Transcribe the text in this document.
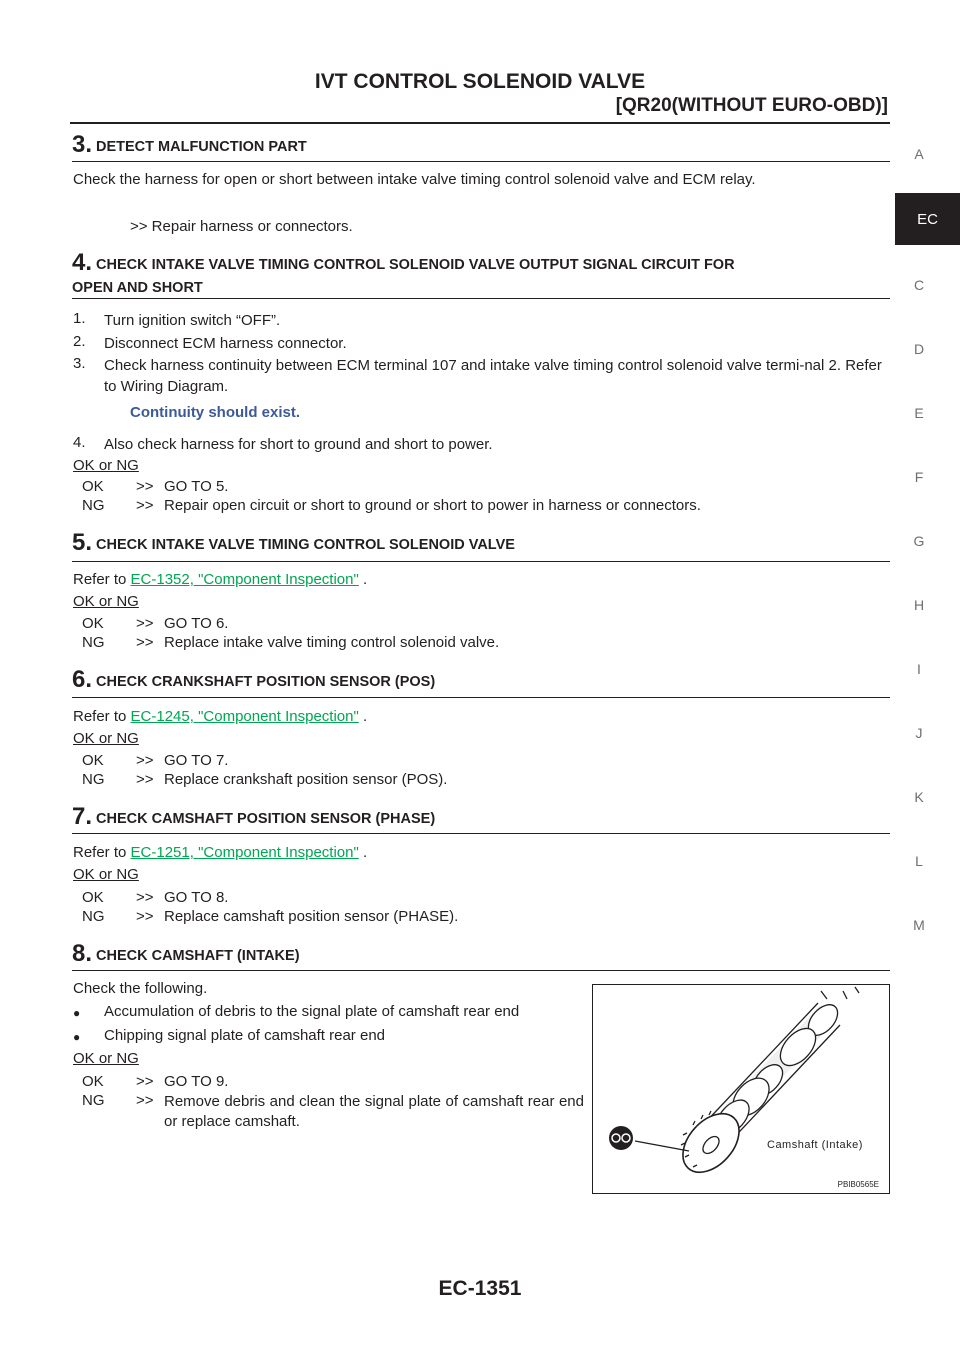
IVT CONTROL SOLENOID VALVE
[QR20(WITHOUT EURO-OBD)]
A
EC
C
D
E
F
G
H
I
J
K
L
M
3. DETECT MALFUNCTION PART
Check the harness for open or short between intake valve timing control solenoid valve and ECM relay.
>> Repair harness or connectors.
4. CHECK INTAKE VALVE TIMING CONTROL SOLENOID VALVE OUTPUT SIGNAL CIRCUIT FOR
OPEN AND SHORT
1.	Turn ignition switch “OFF”.
2.	Disconnect ECM harness connector.
3.	Check harness continuity between ECM terminal 107 and intake valve timing control solenoid valve termi-nal 2. Refer to Wiring Diagram.
Continuity should exist.
4.	Also check harness for short to ground and short to power.
OK or NG
OK	>> GO TO 5.
NG	>> Repair open circuit or short to ground or short to power in harness or connectors.
5. CHECK INTAKE VALVE TIMING CONTROL SOLENOID VALVE
Refer to EC-1352, "Component Inspection" .
OK or NG
OK	>> GO TO 6.
NG	>> Replace intake valve timing control solenoid valve.
6. CHECK CRANKSHAFT POSITION SENSOR (POS)
Refer to EC-1245, "Component Inspection" .
OK or NG
OK	>> GO TO 7.
NG	>> Replace crankshaft position sensor (POS).
7. CHECK CAMSHAFT POSITION SENSOR (PHASE)
Refer to EC-1251, "Component Inspection" .
OK or NG
OK	>> GO TO 8.
NG	>> Replace camshaft position sensor (PHASE).
8. CHECK CAMSHAFT (INTAKE)
Check the following.
●	Accumulation of debris to the signal plate of camshaft rear end
●	Chipping signal plate of camshaft rear end
OK or NG
OK	>> GO TO 9.
NG	>> Remove debris and clean the signal plate of camshaft rear end or replace camshaft.
Camshaft (Intake)
PBIB0565E
EC-1351
